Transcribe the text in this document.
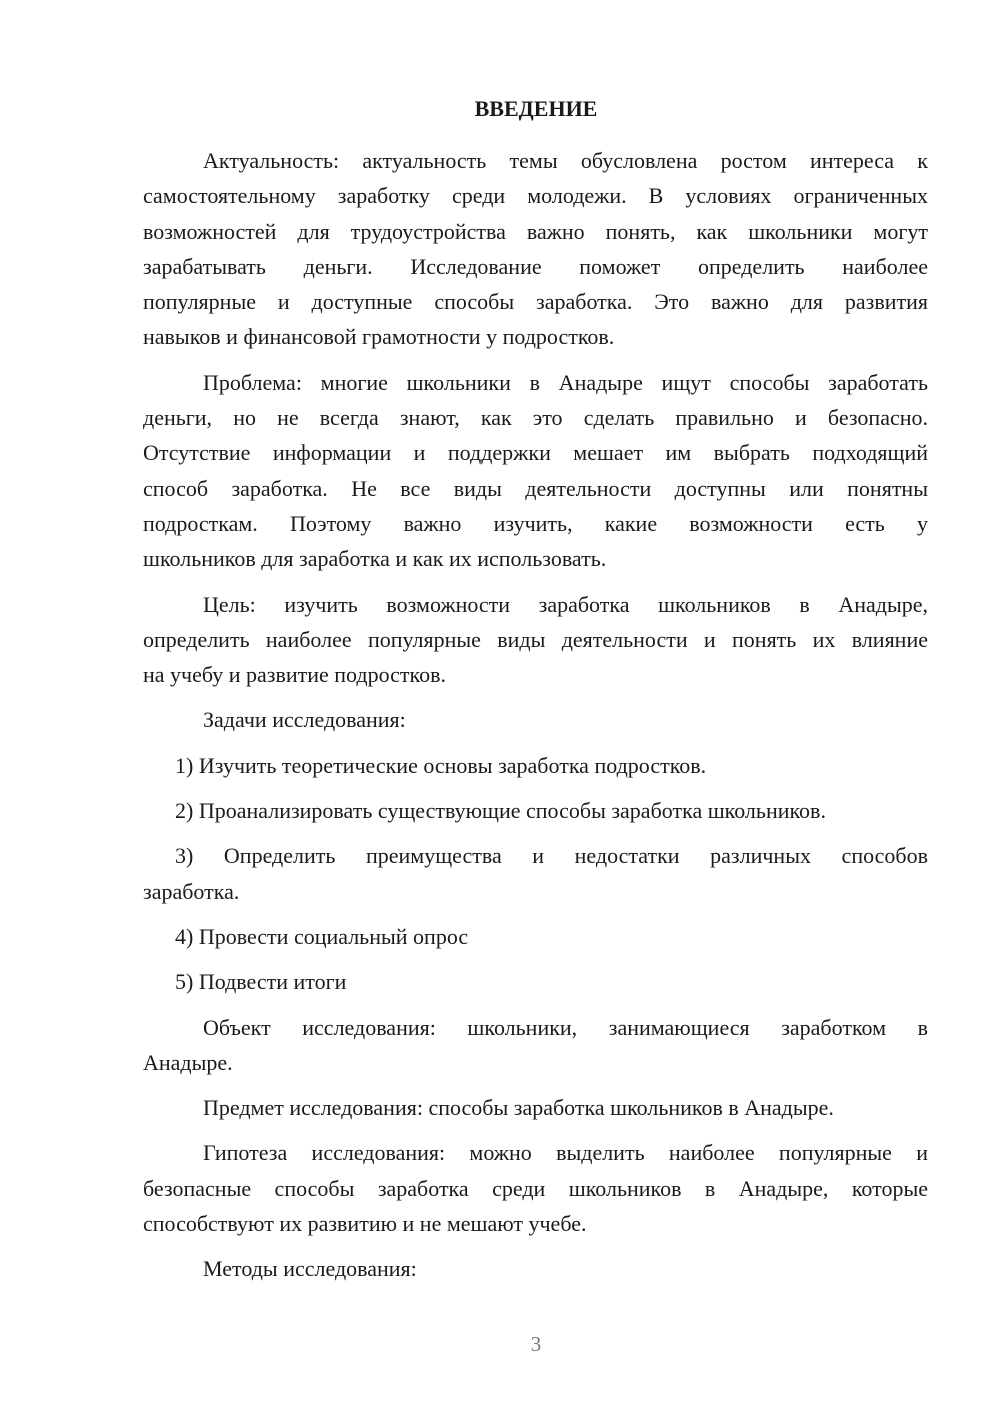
ВВЕДЕНИЕ
Актуальность: актуальность темы обусловлена ростом интереса к
самостоятельному заработку среди молодежи. В условиях ограниченных
возможностей для трудоустройства важно понять, как школьники могут
зарабатывать деньги. Исследование поможет определить наиболее
популярные и доступные способы заработка. Это важно для развития
навыков и финансовой грамотности у подростков.
Проблема: многие школьники в Анадыре ищут способы заработать
деньги, но не всегда знают, как это сделать правильно и безопасно.
Отсутствие информации и поддержки мешает им выбрать подходящий
способ заработка. Не все виды деятельности доступны или понятны
подросткам. Поэтому важно изучить, какие возможности есть у
школьников для заработка и как их использовать.
Цель: изучить возможности заработка школьников в Анадыре,
определить наиболее популярные виды деятельности и понять их влияние
на учебу и развитие подростков.
Задачи исследования:
1) Изучить теоретические основы заработка подростков.
2) Проанализировать существующие способы заработка школьников.
3) Определить преимущества и недостатки различных способов
заработка.
4) Провести социальный опрос
5) Подвести итоги
Объект исследования: школьники, занимающиеся заработком в
Анадыре.
Предмет исследования: способы заработка школьников в Анадыре.
Гипотеза исследования: можно выделить наиболее популярные и
безопасные способы заработка среди школьников в Анадыре, которые
способствуют их развитию и не мешают учебе.
Методы исследования:
3
